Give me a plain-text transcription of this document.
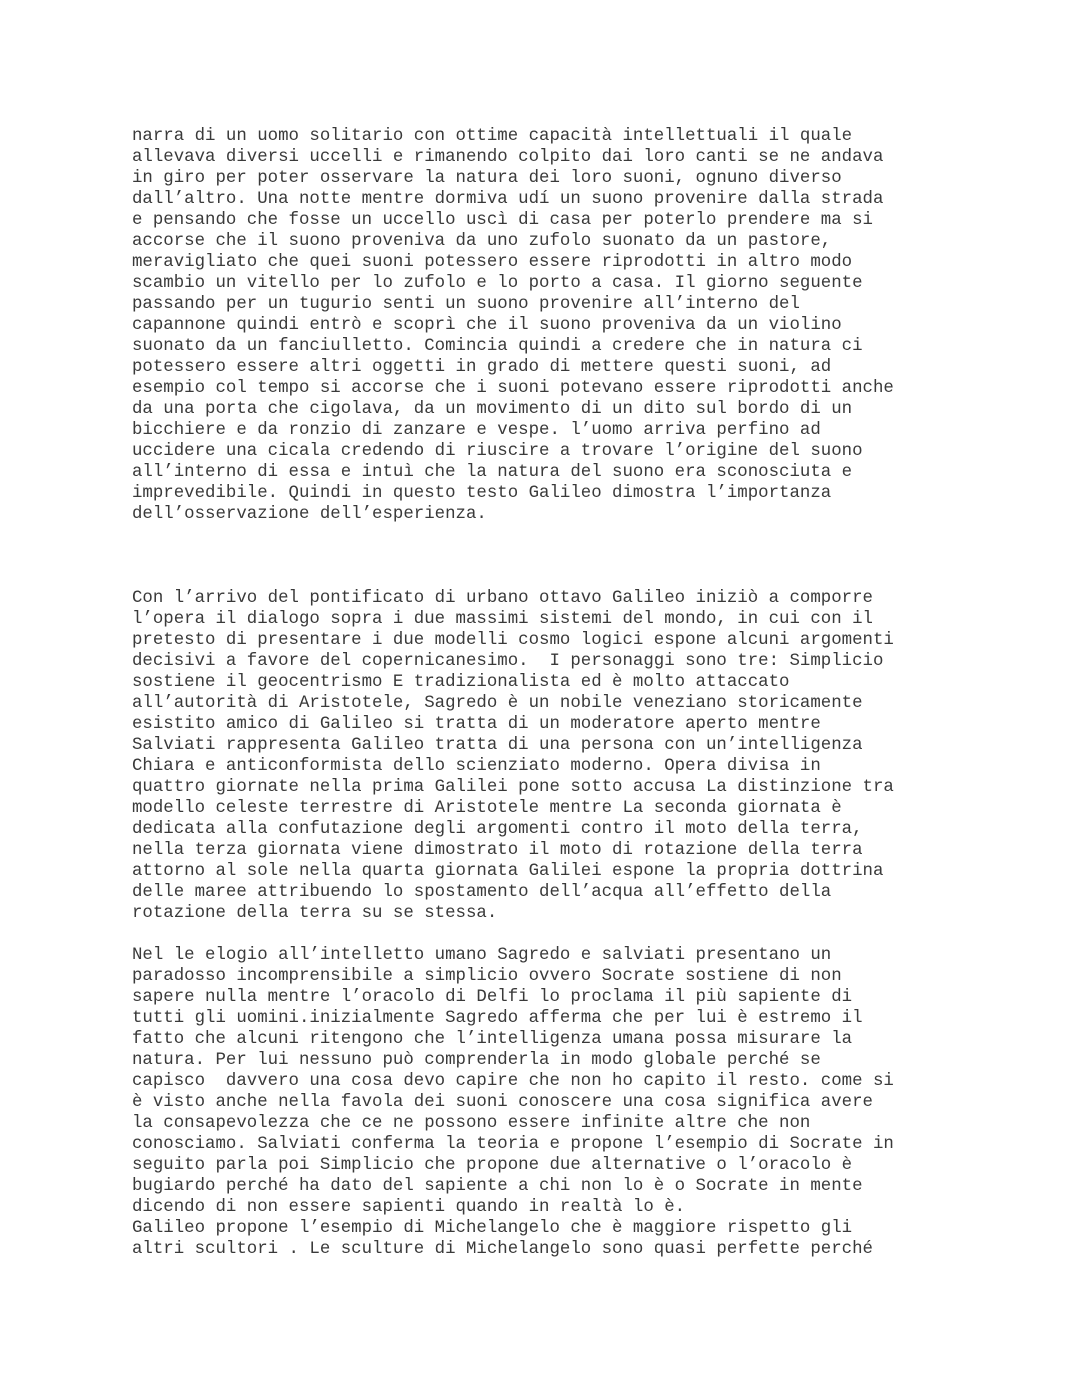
narra di un uomo solitario con ottime capacità intellettuali il quale
allevava diversi uccelli e rimanendo colpito dai loro canti se ne andava
in giro per poter osservare la natura dei loro suoni, ognuno diverso
dall’altro. Una notte mentre dormiva udí un suono provenire dalla strada
e pensando che fosse un uccello uscì di casa per poterlo prendere ma si
accorse che il suono proveniva da uno zufolo suonato da un pastore,
meravigliato che quei suoni potessero essere riprodotti in altro modo
scambio un vitello per lo zufolo e lo porto a casa. Il giorno seguente
passando per un tugurio senti un suono provenire all’interno del
capannone quindi entrò e scoprì che il suono proveniva da un violino
suonato da un fanciulletto. Comincia quindi a credere che in natura ci
potessero essere altri oggetti in grado di mettere questi suoni, ad
esempio col tempo si accorse che i suoni potevano essere riprodotti anche
da una porta che cigolava, da un movimento di un dito sul bordo di un
bicchiere e da ronzio di zanzare e vespe. l’uomo arriva perfino ad
uccidere una cicala credendo di riuscire a trovare l’origine del suono
all’interno di essa e intuì che la natura del suono era sconosciuta e
imprevedibile. Quindi in questo testo Galileo dimostra l’importanza
dell’osservazione dell’esperienza.

Con l’arrivo del pontificato di urbano ottavo Galileo iniziò a comporre
l’opera il dialogo sopra i due massimi sistemi del mondo, in cui con il
pretesto di presentare i due modelli cosmo logici espone alcuni argomenti
decisivi a favore del copernicanesimo.  I personaggi sono tre: Simplicio
sostiene il geocentrismo E tradizionalista ed è molto attaccato
all’autorità di Aristotele, Sagredo è un nobile veneziano storicamente
esistito amico di Galileo si tratta di un moderatore aperto mentre
Salviati rappresenta Galileo tratta di una persona con un’intelligenza
Chiara e anticonformista dello scienziato moderno. Opera divisa in
quattro giornate nella prima Galilei pone sotto accusa La distinzione tra
modello celeste terrestre di Aristotele mentre La seconda giornata è
dedicata alla confutazione degli argomenti contro il moto della terra,
nella terza giornata viene dimostrato il moto di rotazione della terra
attorno al sole nella quarta giornata Galilei espone la propria dottrina
delle maree attribuendo lo spostamento dell’acqua all’effetto della
rotazione della terra su se stessa.

Nel le elogio all’intelletto umano Sagredo e salviati presentano un
paradosso incomprensibile a simplicio ovvero Socrate sostiene di non
sapere nulla mentre l’oracolo di Delfi lo proclama il più sapiente di
tutti gli uomini.inizialmente Sagredo afferma che per lui è estremo il
fatto che alcuni ritengono che l’intelligenza umana possa misurare la
natura. Per lui nessuno può comprenderla in modo globale perché se
capisco  davvero una cosa devo capire che non ho capito il resto. come si
è visto anche nella favola dei suoni conoscere una cosa significa avere
la consapevolezza che ce ne possono essere infinite altre che non
conosciamo. Salviati conferma la teoria e propone l’esempio di Socrate in
seguito parla poi Simplicio che propone due alternative o l’oracolo è
bugiardo perché ha dato del sapiente a chi non lo è o Socrate in mente
dicendo di non essere sapienti quando in realtà lo è.
Galileo propone l’esempio di Michelangelo che è maggiore rispetto gli
altri scultori . Le sculture di Michelangelo sono quasi perfette perché
